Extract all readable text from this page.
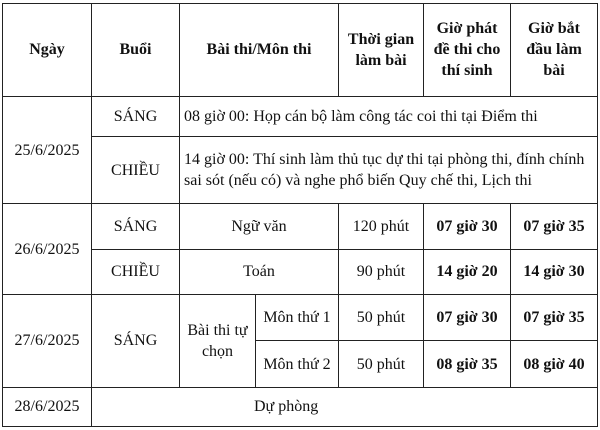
Ngày	Buổi	Bài thi/Môn thi		Thời gian làm bài	Giờ phát đề thi cho thí sinh	Giờ bắt đầu làm bài
25/6/2025	SÁNG	08 giờ 00: Họp cán bộ làm công tác coi thi tại Điểm thi				
	CHIỀU	14 giờ 00: Thí sinh làm thủ tục dự thi tại phòng thi, đính chính sai sót (nếu có) và nghe phổ biến Quy chế thi, Lịch thi				
26/6/2025	SÁNG	Ngữ văn		120 phút	07 giờ 30	07 giờ 35
	CHIỀU	Toán		90 phút	14 giờ 20	14 giờ 30
27/6/2025	SÁNG	Bài thi tự chọn	Môn thứ 1	50 phút	07 giờ 30	07 giờ 35
			Môn thứ 2	50 phút	08 giờ 35	08 giờ 40
28/6/2025	Dự phòng					
